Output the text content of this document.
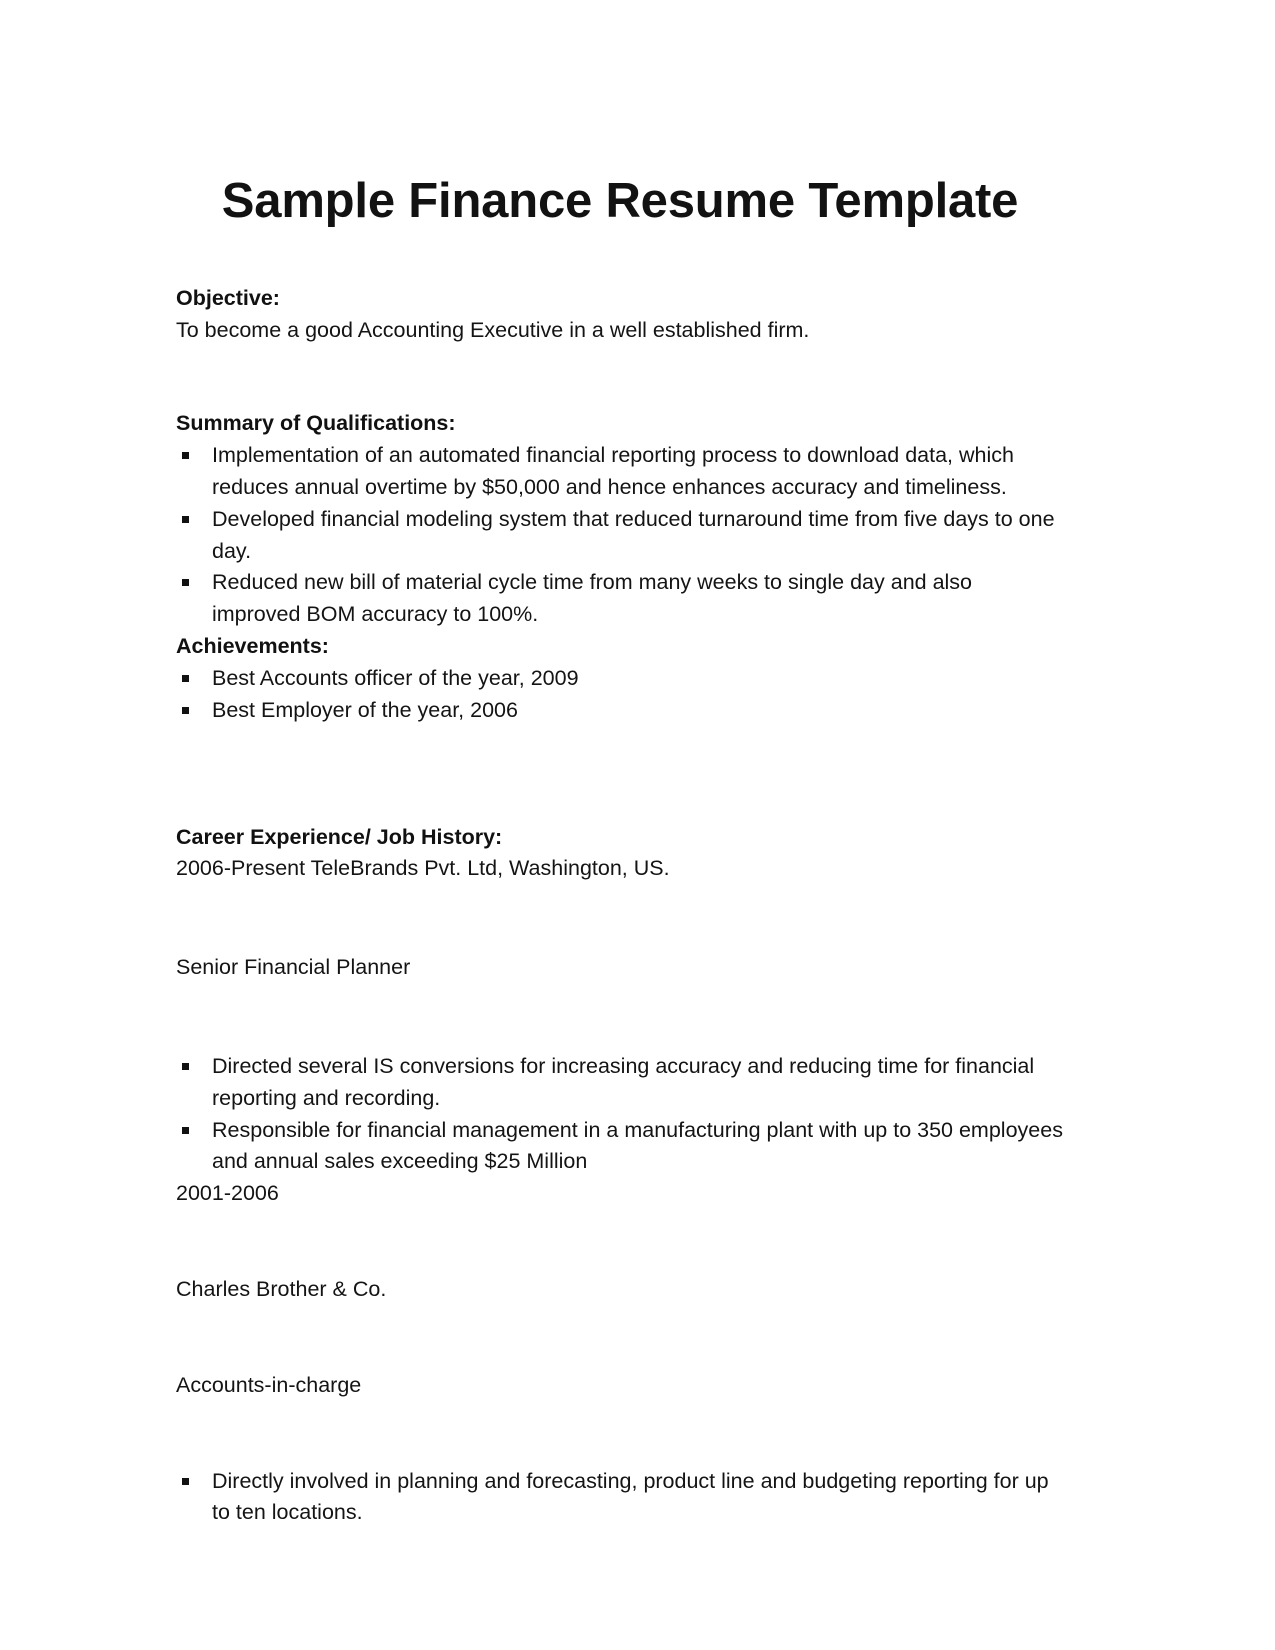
Sample Finance Resume Template
Objective:

To become a good Accounting Executive in a well established firm.

Summary of Qualifications:
Implementation of an automated financial reporting process to download data, which reduces annual overtime by $50,000 and hence enhances accuracy and timeliness.
Developed financial modeling system that reduced turnaround time from five days to one day.
Reduced new bill of material cycle time from many weeks to single day and also improved BOM accuracy to 100%.
Achievements:
Best Accounts officer of the year, 2009
Best Employer of the year, 2006
Career Experience/ Job History:

2006-Present TeleBrands Pvt. Ltd, Washington, US.

Senior Financial Planner

Directed several IS conversions for increasing accuracy and reducing time for financial reporting and recording.
Responsible for financial management in a manufacturing plant with up to 350 employees and annual sales exceeding $25 Million

2001-2006

Charles Brother & Co.

Accounts-in-charge

Directly involved in planning and forecasting, product line and budgeting reporting for up to ten locations.
